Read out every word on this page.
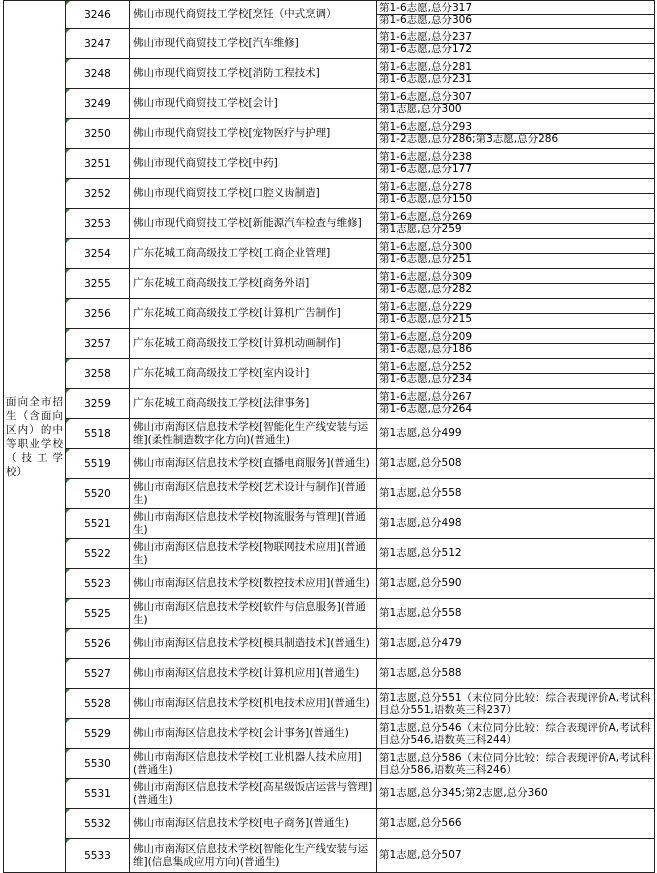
面向全市招生（含面向区内）的中等职业学校（技工学校）	3246	佛山市现代商贸技工学校[烹饪（中式烹调）	第1-6志愿,总分317
第1-6志愿,总分306

	3247	佛山市现代商贸技工学校[汽车维修]	第1-6志愿,总分237
第1-6志愿,总分172

	3248	佛山市现代商贸技工学校[消防工程技术]	第1-6志愿,总分281
第1-6志愿,总分231

	3249	佛山市现代商贸技工学校[会计]	第1-6志愿,总分307
第1志愿,总分300

	3250	佛山市现代商贸技工学校[宠物医疗与护理]	第1-6志愿,总分293
第1-2志愿,总分286;第3志愿,总分286

	3251	佛山市现代商贸技工学校[中药]	第1-6志愿,总分238
第1-6志愿,总分177

	3252	佛山市现代商贸技工学校[口腔义齿制造]	第1-6志愿,总分278
第1-6志愿,总分150

	3253	佛山市现代商贸技工学校[新能源汽车检查与维修]	第1-6志愿,总分269
第1志愿,总分259

	3254	广东花城工商高级技工学校[工商企业管理]	第1-6志愿,总分300
第1-6志愿,总分251

	3255	广东花城工商高级技工学校[商务外语]	第1-6志愿,总分309
第1-6志愿,总分282

	3256	广东花城工商高级技工学校[计算机广告制作]	第1-6志愿,总分229
第1-6志愿,总分215

	3257	广东花城工商高级技工学校[计算机动画制作]	第1-6志愿,总分209
第1-6志愿,总分186

	3258	广东花城工商高级技工学校[室内设计]	第1-6志愿,总分252
第1-6志愿,总分234

	3259	广东花城工商高级技工学校[法律事务]	第1-6志愿,总分267
第1-6志愿,总分264

	5518	佛山市南海区信息技术学校[智能化生产线安装与运维](柔性制造数字化方向)(普通生)	第1志愿,总分499
	5519	佛山市南海区信息技术学校[直播电商服务](普通生)	第1志愿,总分508
	5520	佛山市南海区信息技术学校[艺术设计与制作](普通生)	第1志愿,总分558
	5521	佛山市南海区信息技术学校[物流服务与管理](普通生)	第1志愿,总分498
	5522	佛山市南海区信息技术学校[物联网技术应用](普通生)	第1志愿,总分512
	5523	佛山市南海区信息技术学校[数控技术应用](普通生)	第1志愿,总分590
	5525	佛山市南海区信息技术学校[软件与信息服务](普通生)	第1志愿,总分558
	5526	佛山市南海区信息技术学校[模具制造技术](普通生)	第1志愿,总分479
	5527	佛山市南海区信息技术学校[计算机应用](普通生)	第1志愿,总分588
	5528	佛山市南海区信息技术学校[机电技术应用](普通生)	第1志愿,总分551（末位同分比较：综合表现评价A,考试科目总分551,语数英三科237）
	5529	佛山市南海区信息技术学校[会计事务](普通生)	第1志愿,总分546（末位同分比较：综合表现评价A,考试科目总分546,语数英三科244）
	5530	佛山市南海区信息技术学校[工业机器人技术应用](普通生)	第1志愿,总分586（末位同分比较：综合表现评价A,考试科目总分586,语数英三科246）
	5531	佛山市南海区信息技术学校[高星级饭店运营与管理](普通生)	第1志愿,总分345;第2志愿,总分360
	5532	佛山市南海区信息技术学校[电子商务](普通生)	第1志愿,总分566
	5533	佛山市南海区信息技术学校[智能化生产线安装与运维](信息集成应用方向)(普通生)	第1志愿,总分507
